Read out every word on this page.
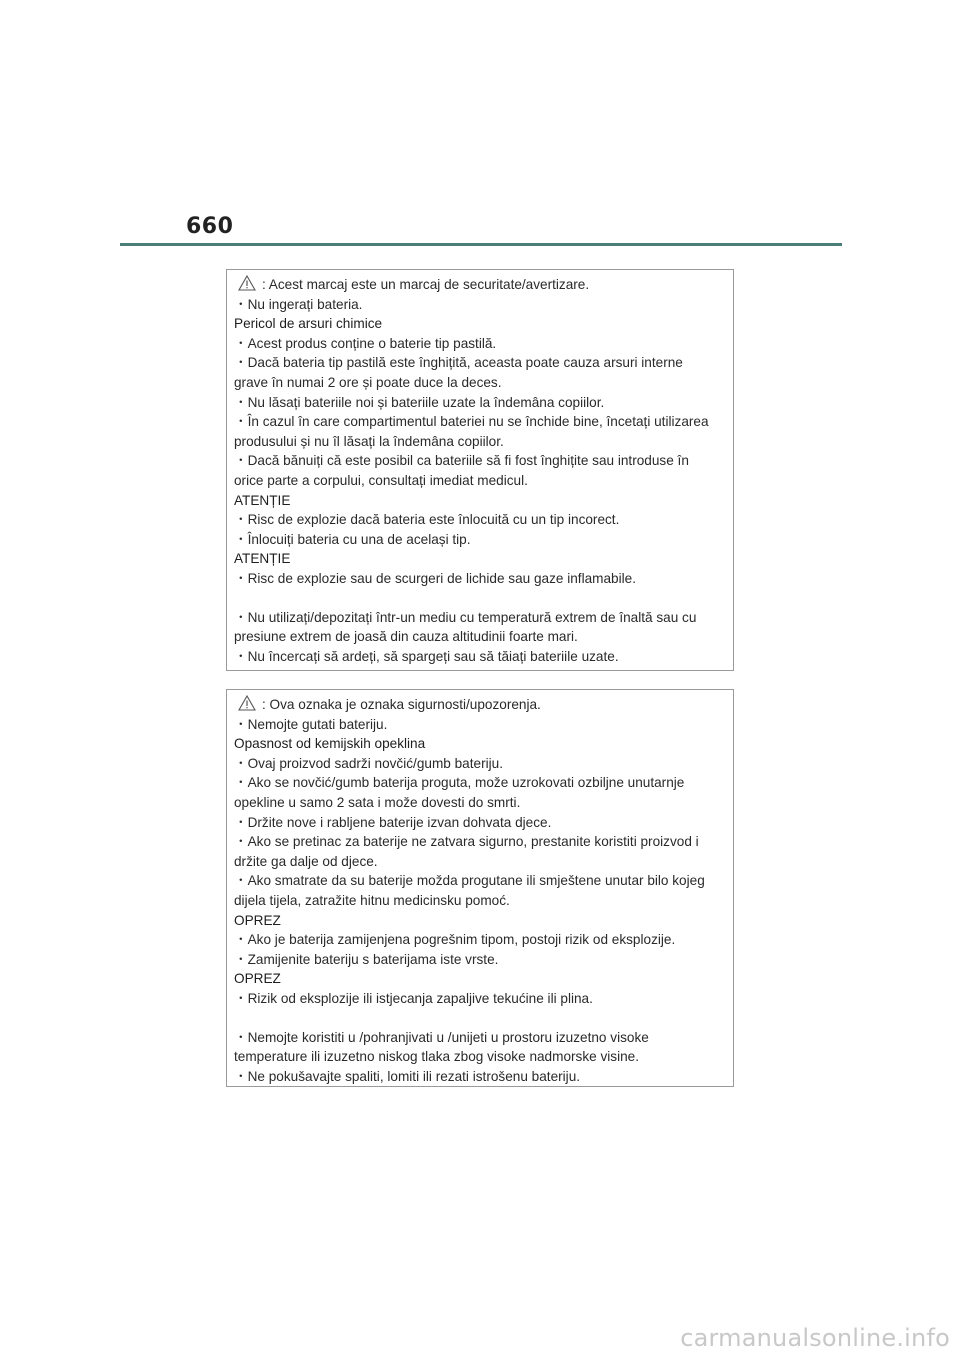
660
: Acest marcaj este un marcaj de securitate/avertizare.
・Nu ingerați bateria.
Pericol de arsuri chimice
・Acest produs conține o baterie tip pastilă.
・Dacă bateria tip pastilă este înghițită, aceasta poate cauza arsuri interne
grave în numai 2 ore și poate duce la deces.
・Nu lăsați bateriile noi și bateriile uzate la îndemâna copiilor.
・În cazul în care compartimentul bateriei nu se închide bine, încetați utilizarea
produsului și nu îl lăsați la îndemâna copiilor.
・Dacă bănuiți că este posibil ca bateriile să fi fost înghițite sau introduse în
orice parte a corpului, consultați imediat medicul.
ATENȚIE
・Risc de explozie dacă bateria este înlocuită cu un tip incorect.
・Înlocuiți bateria cu una de același tip.
ATENȚIE
・Risc de explozie sau de scurgeri de lichide sau gaze inflamabile.
・Nu utilizați/depozitați într-un mediu cu temperatură extrem de înaltă sau cu
presiune extrem de joasă din cauza altitudinii foarte mari.
・Nu încercați să ardeți, să spargeți sau să tăiați bateriile uzate.
: Ova oznaka je oznaka sigurnosti/upozorenja.
・Nemojte gutati bateriju.
Opasnost od kemijskih opeklina
・Ovaj proizvod sadrži novčić/gumb bateriju.
・Ako se novčić/gumb baterija proguta, može uzrokovati ozbiljne unutarnje
opekline u samo 2 sata i može dovesti do smrti.
・Držite nove i rabljene baterije izvan dohvata djece.
・Ako se pretinac za baterije ne zatvara sigurno, prestanite koristiti proizvod i
držite ga dalje od djece.
・Ako smatrate da su baterije možda progutane ili smještene unutar bilo kojeg
dijela tijela, zatražite hitnu medicinsku pomoć.
OPREZ
・Ako je baterija zamijenjena pogrešnim tipom, postoji rizik od eksplozije.
・Zamijenite bateriju s baterijama iste vrste.
OPREZ
・Rizik od eksplozije ili istjecanja zapaljive tekućine ili plina.
・Nemojte koristiti u /pohranjivati u /unijeti u prostoru izuzetno visoke
temperature ili izuzetno niskog tlaka zbog visoke nadmorske visine.
・Ne pokušavajte spaliti, lomiti ili rezati istrošenu bateriju.
carmanualsonline.info
